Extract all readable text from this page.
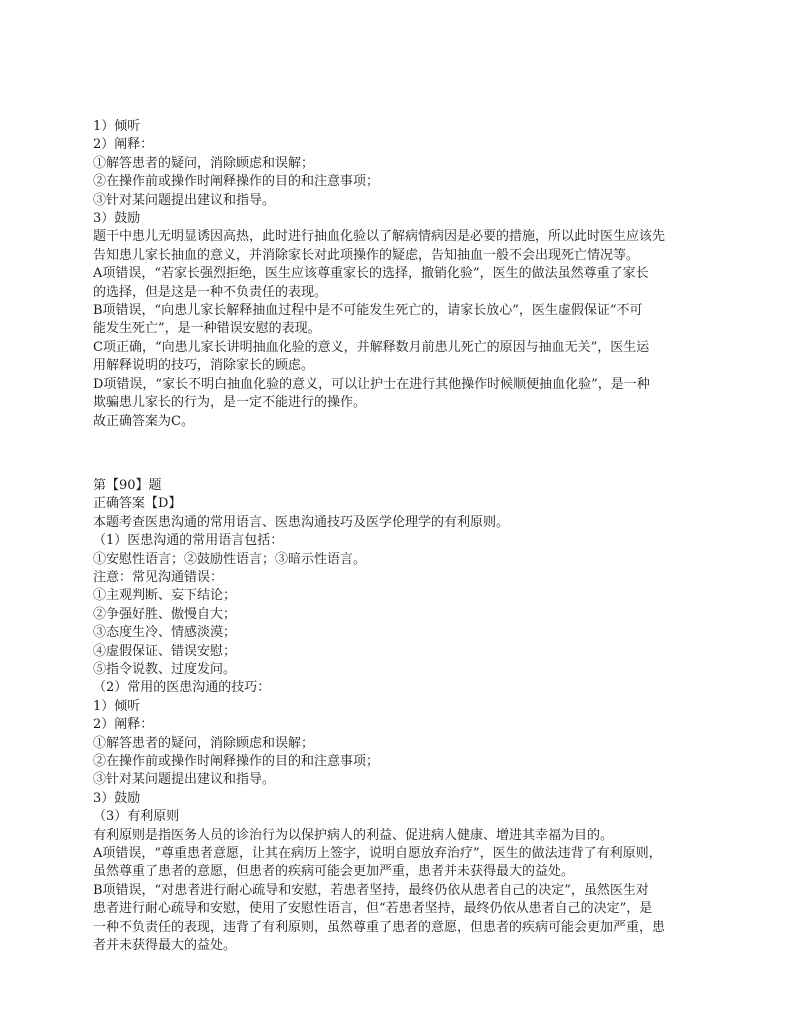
1）倾听
2）阐释：
①解答患者的疑问，消除顾虑和误解；
②在操作前或操作时阐释操作的目的和注意事项；
③针对某问题提出建议和指导。
3）鼓励
题干中患儿无明显诱因高热，此时进行抽血化验以了解病情病因是必要的措施，所以此时医生应该先
告知患儿家长抽血的意义，并消除家长对此项操作的疑虑，告知抽血一般不会出现死亡情况等。
A项错误，“若家长强烈拒绝，医生应该尊重家长的选择，撤销化验”，医生的做法虽然尊重了家长
的选择，但是这是一种不负责任的表现。
B项错误，“向患儿家长解释抽血过程中是不可能发生死亡的，请家长放心”，医生虚假保证“不可
能发生死亡”，是一种错误安慰的表现。
C项正确，“向患儿家长讲明抽血化验的意义，并解释数月前患儿死亡的原因与抽血无关”，医生运
用解释说明的技巧，消除家长的顾虑。
D项错误，“家长不明白抽血化验的意义，可以让护士在进行其他操作时候顺便抽血化验”，是一种
欺骗患儿家长的行为，是一定不能进行的操作。
故正确答案为C。
第【90】题
正确答案【D】
本题考查医患沟通的常用语言、医患沟通技巧及医学伦理学的有利原则。
（1）医患沟通的常用语言包括：
①安慰性语言；②鼓励性语言；③暗示性语言。
注意：常见沟通错误：
①主观判断、妄下结论；
②争强好胜、傲慢自大；
③态度生冷、情感淡漠；
④虚假保证、错误安慰；
⑤指令说教、过度发问。
（2）常用的医患沟通的技巧：
1）倾听
2）阐释：
①解答患者的疑问，消除顾虑和误解；
②在操作前或操作时阐释操作的目的和注意事项；
③针对某问题提出建议和指导。
3）鼓励
（3）有利原则
有利原则是指医务人员的诊治行为以保护病人的利益、促进病人健康、增进其幸福为目的。
A项错误，“尊重患者意愿，让其在病历上签字，说明自愿放弃治疗”，医生的做法违背了有利原则，
虽然尊重了患者的意愿，但患者的疾病可能会更加严重，患者并未获得最大的益处。
B项错误，“对患者进行耐心疏导和安慰，若患者坚持，最终仍依从患者自己的决定”，虽然医生对
患者进行耐心疏导和安慰，使用了安慰性语言，但“若患者坚持，最终仍依从患者自己的决定”，是
一种不负责任的表现，违背了有利原则，虽然尊重了患者的意愿，但患者的疾病可能会更加严重，患
者并未获得最大的益处。
